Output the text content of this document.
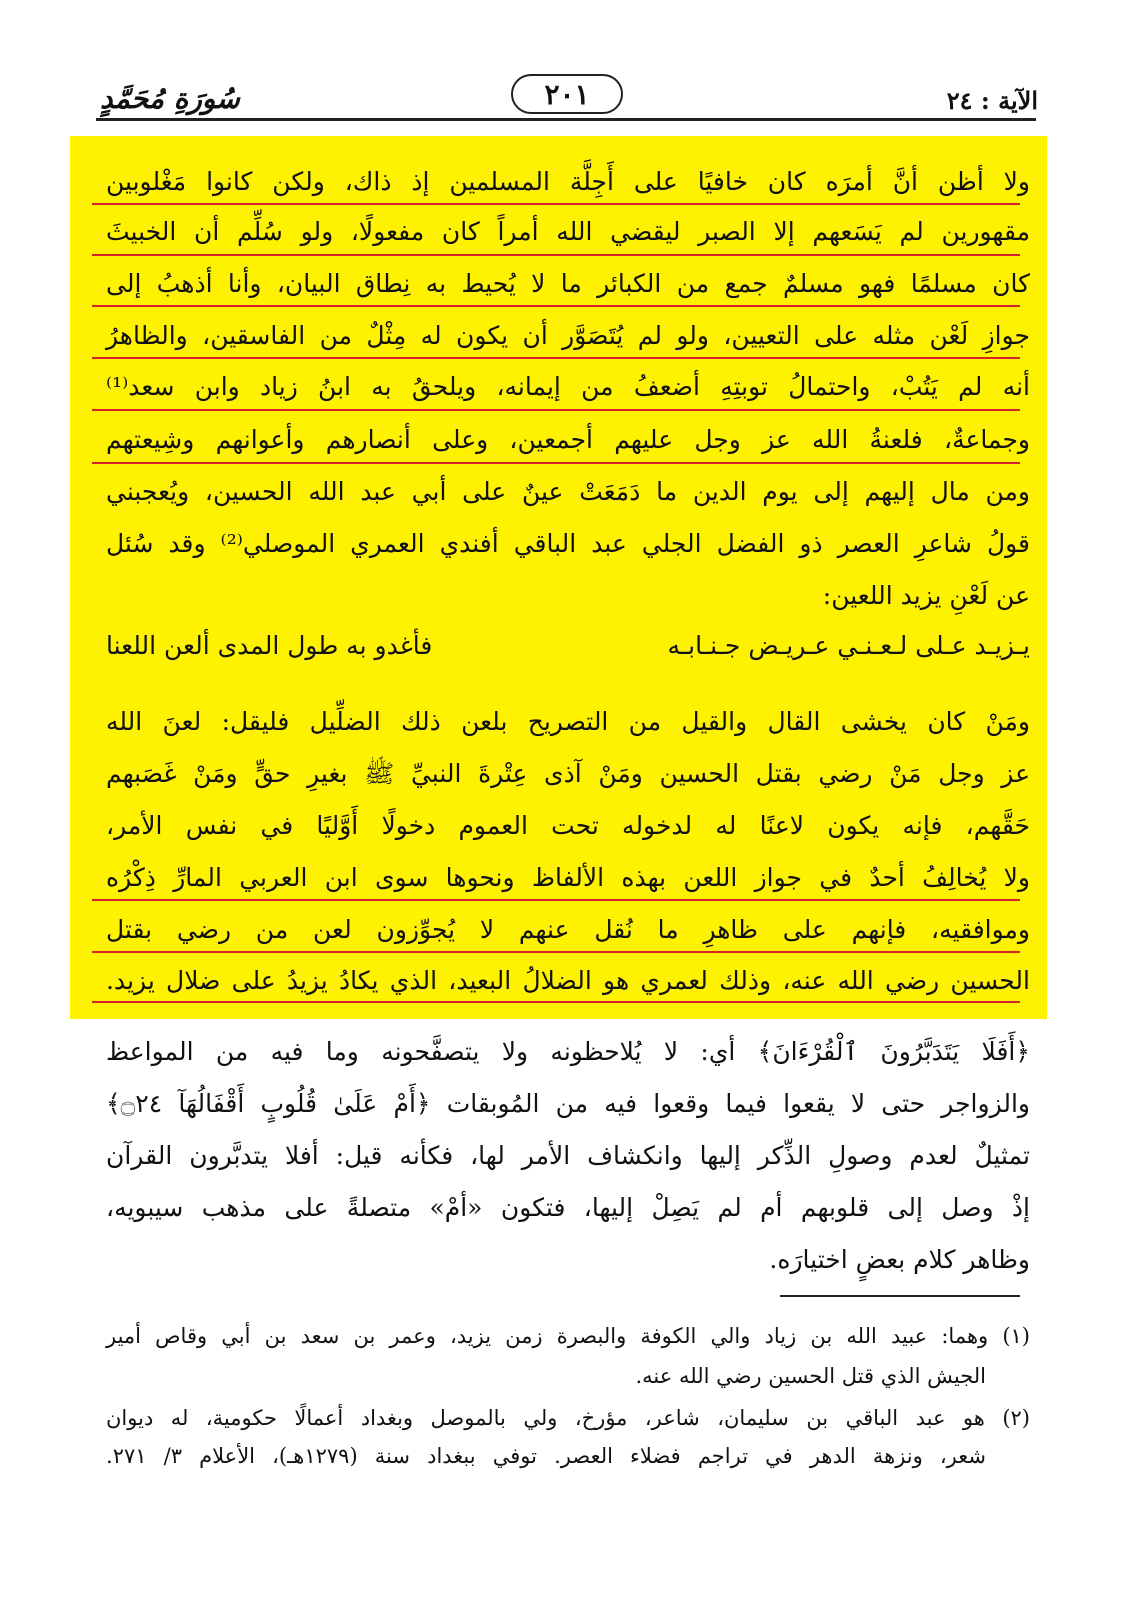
سُورَةِ مُحَمَّدٍ	٢٠١	الآية : ٢٤
ولا أظن أنَّ أمرَه كان خافيًا على أَجِلَّة المسلمين إذ ذاك، ولكن كانوا مَغْلوبين
مقهورين لم يَسَعهم إلا الصبر ليقضي الله أمراً كان مفعولًا، ولو سُلِّم أن الخبيثَ
كان مسلمًا فهو مسلمٌ جمع من الكبائر ما لا يُحيط به نِطاق البيان، وأنا أذهبُ إلى
جوازِ لَعْن مثله على التعيين، ولو لم يُتَصَوَّر أن يكون له مِثْلٌ من الفاسقين، والظاهرُ
أنه لم يَتُبْ، واحتمالُ توبتِهِ أضعفُ من إيمانه، ويلحقُ به ابنُ زياد وابن سعد⁽¹⁾
وجماعةٌ، فلعنةُ الله عز وجل عليهم أجمعين، وعلى أنصارهم وأعوانهم وشِيعتهم
ومن مال إليهم إلى يوم الدين ما دَمَعَتْ عينٌ على أبي عبد الله الحسين، ويُعجبني
قولُ شاعرِ العصر ذو الفضل الجلي عبد الباقي أفندي العمري الموصلي⁽²⁾ وقد سُئل
عن لَعْنِ يزيد اللعين:
يـزيـد عـلى لـعـنـي عـريـض جـنـابـه
فأغدو به طول المدى ألعن اللعنا
ومَنْ كان يخشى القال والقيل من التصريح بلعن ذلك الضلِّيل فليقل: لعنَ الله
عز وجل مَنْ رضي بقتل الحسين ومَنْ آذى عِتْرةَ النبيِّ ﷺ بغيرِ حقٍّ ومَنْ غَصَبهم
حَقَّهم، فإنه يكون لاعنًا له لدخوله تحت العموم دخولًا أَوَّليًا في نفس الأمر،
ولا يُخالِفُ أحدٌ في جواز اللعن بهذه الألفاظ ونحوها سوى ابن العربي المارِّ ذِكْرُه
وموافقيه، فإنهم على ظاهرِ ما نُقل عنهم لا يُجوِّزون لعن من رضي بقتل
الحسين رضي الله عنه، وذلك لعمري هو الضلالُ البعيد، الذي يكادُ يزيدُ على ضلال يزيد.
﴿أَفَلَا يَتَدَبَّرُونَ ٱلْقُرْءَانَ﴾ أي: لا يُلاحظونه ولا يتصفَّحونه وما فيه من المواعظ
والزواجر حتى لا يقعوا فيما وقعوا فيه من المُوبقات ﴿أَمْ عَلَىٰ قُلُوبٍ أَقْفَالُهَآ ۝٢٤﴾
تمثيلٌ لعدم وصولِ الذِّكر إليها وانكشاف الأمر لها، فكأنه قيل: أفلا يتدبَّرون القرآن
إذْ وصل إلى قلوبهم أم لم يَصِلْ إليها، فتكون «أمْ» متصلةً على مذهب سيبويه،
وظاهر كلام بعضٍ اختيارَه.
(١) وهما: عبيد الله بن زياد والي الكوفة والبصرة زمن يزيد، وعمر بن سعد بن أبي وقاص أمير
الجيش الذي قتل الحسين رضي الله عنه.
(٢) هو عبد الباقي بن سليمان، شاعر، مؤرخ، ولي بالموصل وبغداد أعمالًا حكومية، له ديوان
شعر، ونزهة الدهر في تراجم فضلاء العصر. توفي ببغداد سنة (١٢٧٩هـ)، الأعلام ٣/ ٢٧١.
